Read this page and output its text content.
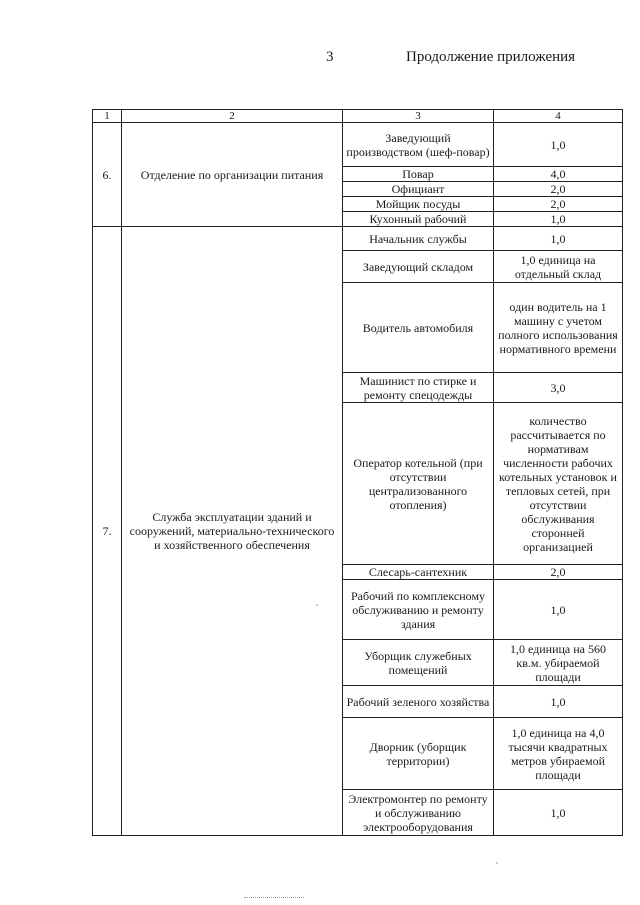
3	Продолжение приложения
1	2	3	4
6.	Отделение по организации питания	Заведующий производством (шеф-повар)	1,0
		Повар	4,0
		Официант	2,0
		Мойщик посуды	2,0
		Кухонный рабочий	1,0
7.	Служба эксплуатации зданий и сооружений, материально-технического и хозяйственного обеспечения	Начальник службы	1,0
		Заведующий складом	1,0 единица на отдельный склад
		Водитель автомобиля	один водитель на 1 машину с учетом полного использования нормативного времени
		Машинист по стирке и ремонту спецодежды	3,0
		Оператор котельной (при отсутствии централизованного отопления)	количество рассчитывается по нормативам численности рабочих котельных установок и тепловых сетей, при отсутствии обслуживания сторонней организацией
		Слесарь-сантехник	2,0
		Рабочий по комплексному обслуживанию и ремонту здания	1,0
		Уборщик служебных помещений	1,0 единица на 560 кв.м. убираемой площади
		Рабочий зеленого хозяйства	1,0
		Дворник (уборщик территории)	1,0 единица на 4,0 тысячи квадратных метров убираемой площади
		Электромонтер по ремонту и обслуживанию электрооборудования	1,0
